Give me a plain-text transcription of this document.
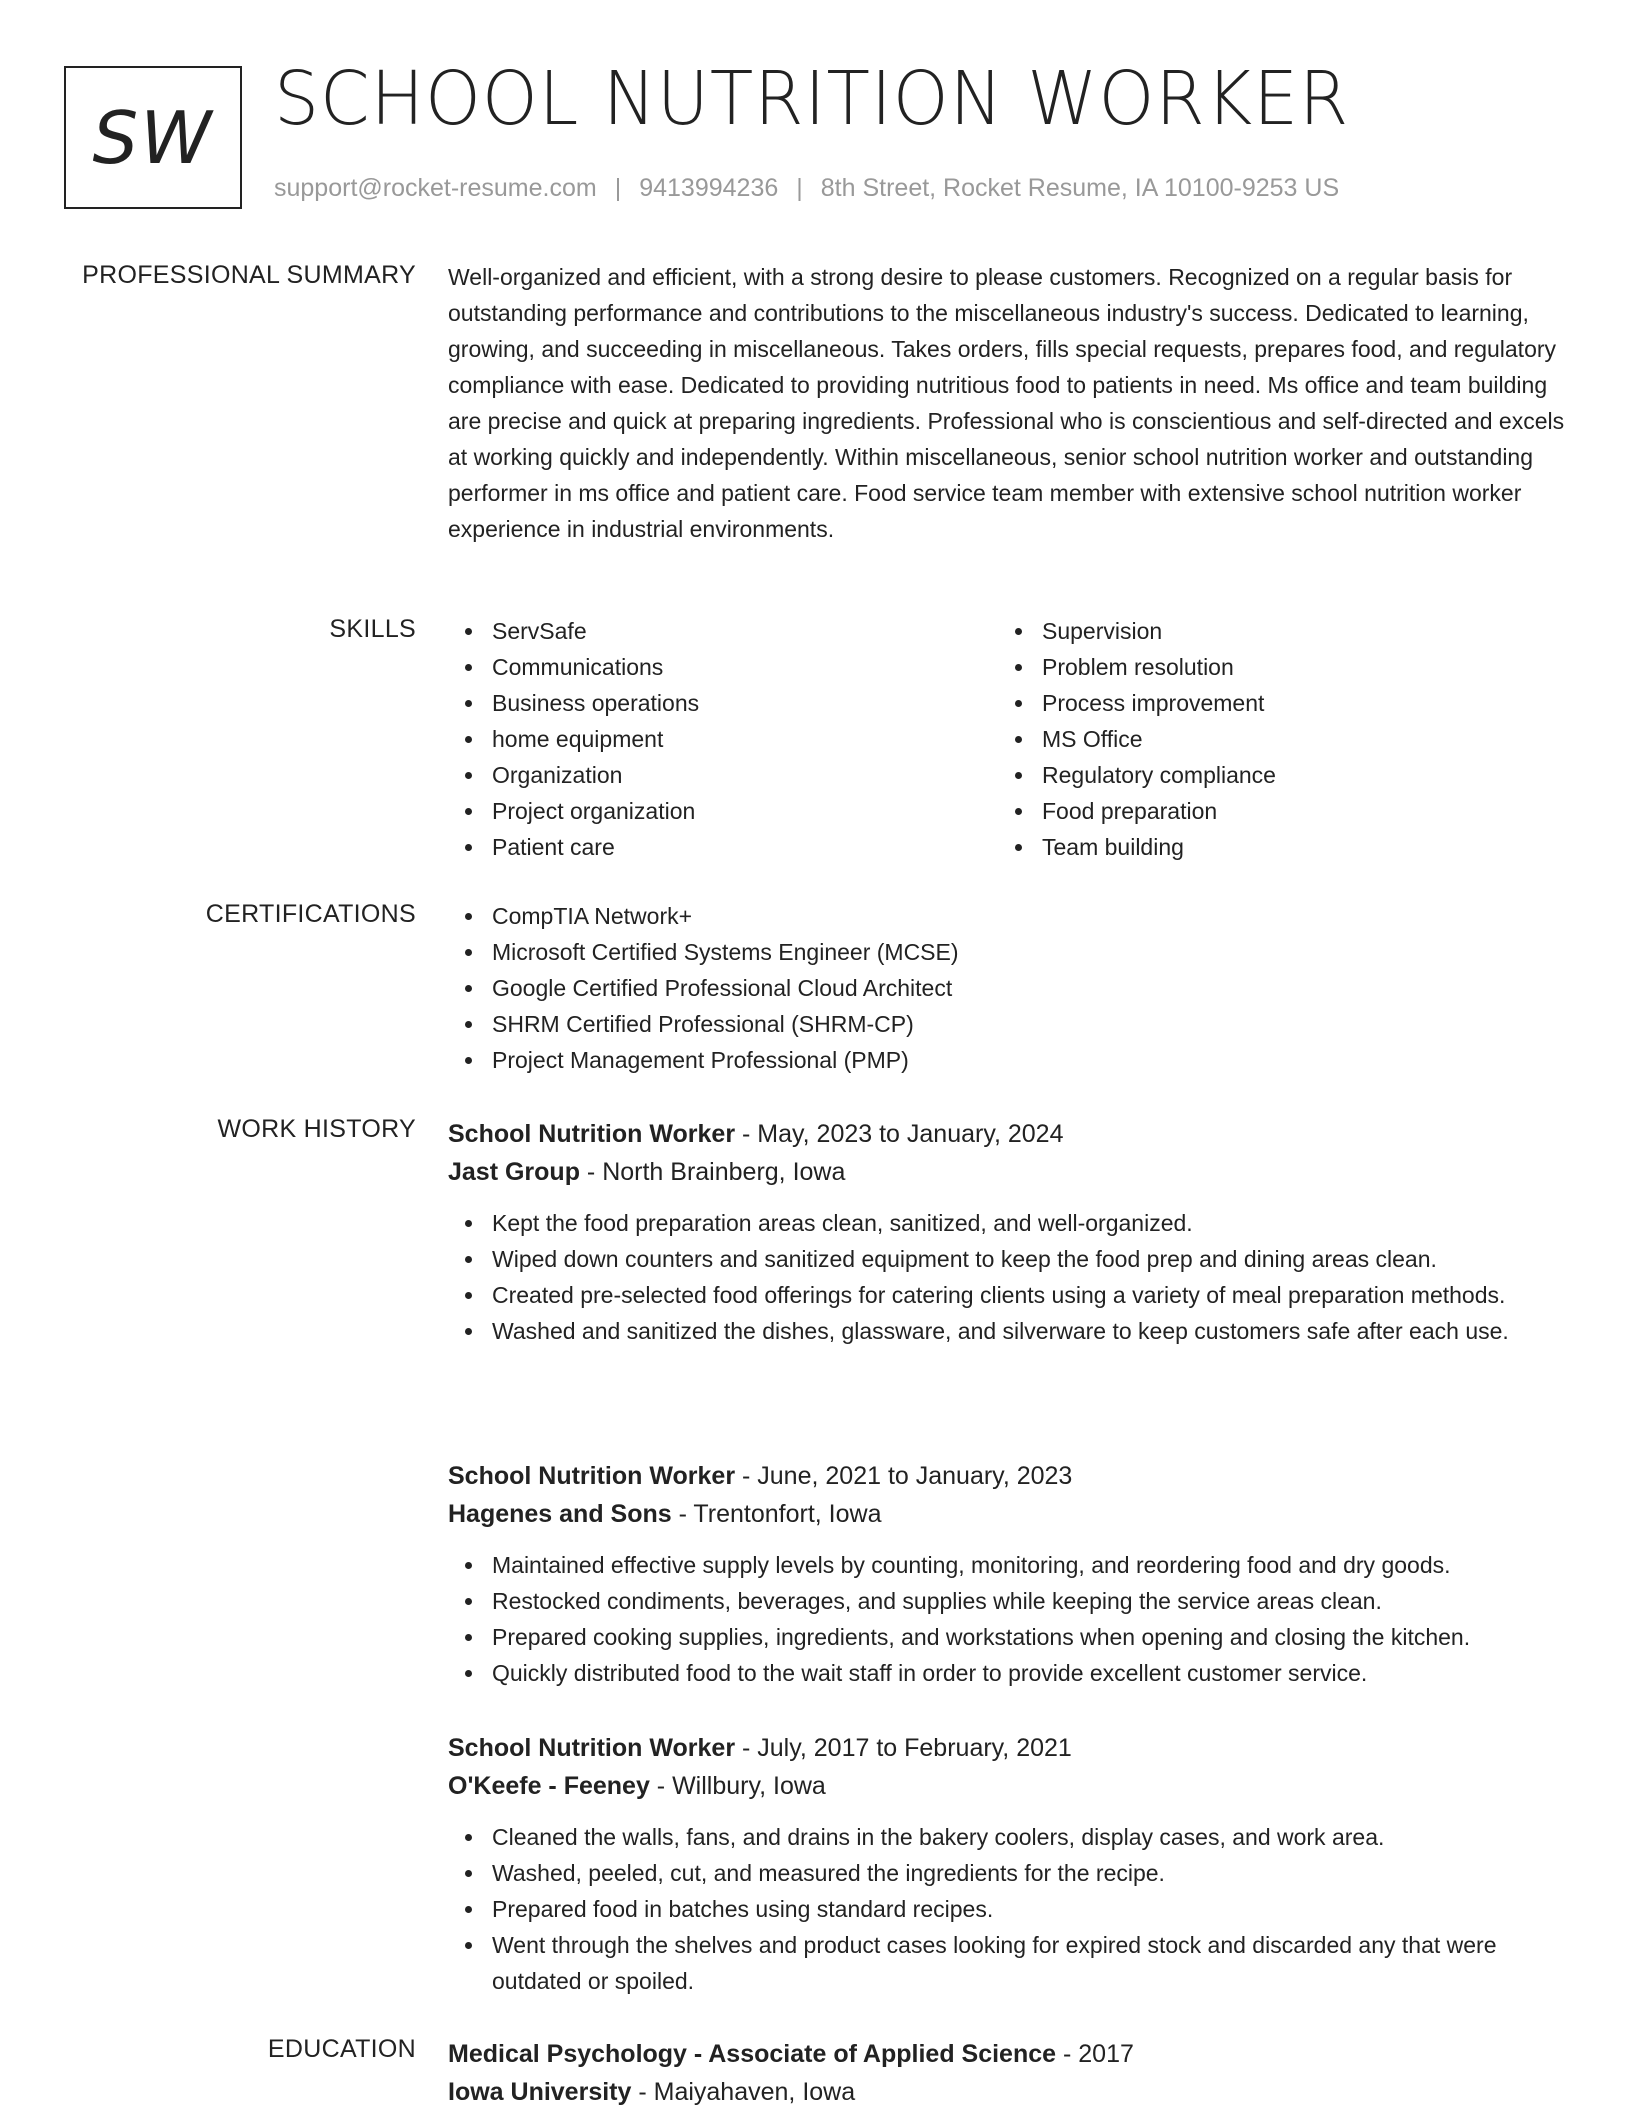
SW SCHOOL NUTRITION WORKER
support@rocket-resume.com | 9413994236 | 8th Street, Rocket Resume, IA 10100-9253 US
PROFESSIONAL SUMMARY Well-organized and efficient, with a strong desire to please customers. Recognized on a regular basis for outstanding performance and contributions to the miscellaneous industry's success. Dedicated to learning, growing, and succeeding in miscellaneous. Takes orders, fills special requests, prepares food, and regulatory compliance with ease. Dedicated to providing nutritious food to patients in need. Ms office and team building are precise and quick at preparing ingredients. Professional who is conscientious and self-directed and excels at working quickly and independently. Within miscellaneous, senior school nutrition worker and outstanding performer in ms office and patient care. Food service team member with extensive school nutrition worker experience in industrial environments.
SKILLS	ServSafe
Communications
Business operations
home equipment
Organization
Project organization
Patient care
Supervision
Problem resolution
Process improvement
MS Office
Regulatory compliance
Food preparation
Team building
CERTIFICATIONS	CompTIA Network+
Microsoft Certified Systems Engineer (MCSE)
Google Certified Professional Cloud Architect
SHRM Certified Professional (SHRM-CP)
Project Management Professional (PMP)
WORK HISTORY School Nutrition Worker - May, 2023 to January, 2024
Jast Group - North Brainberg, Iowa
Kept the food preparation areas clean, sanitized, and well-organized.
Wiped down counters and sanitized equipment to keep the food prep and dining areas clean.
Created pre-selected food offerings for catering clients using a variety of meal preparation methods.
Washed and sanitized the dishes, glassware, and silverware to keep customers safe after each use.
School Nutrition Worker - June, 2021 to January, 2023
Hagenes and Sons - Trentonfort, Iowa
Maintained effective supply levels by counting, monitoring, and reordering food and dry goods.
Restocked condiments, beverages, and supplies while keeping the service areas clean.
Prepared cooking supplies, ingredients, and workstations when opening and closing the kitchen.
Quickly distributed food to the wait staff in order to provide excellent customer service.
School Nutrition Worker - July, 2017 to February, 2021
O'Keefe - Feeney - Willbury, Iowa
Cleaned the walls, fans, and drains in the bakery coolers, display cases, and work area.
Washed, peeled, cut, and measured the ingredients for the recipe.
Prepared food in batches using standard recipes.
Went through the shelves and product cases looking for expired stock and discarded any that were outdated or spoiled.
EDUCATION Medical Psychology - Associate of Applied Science - 2017
Iowa University - Maiyahaven, Iowa
